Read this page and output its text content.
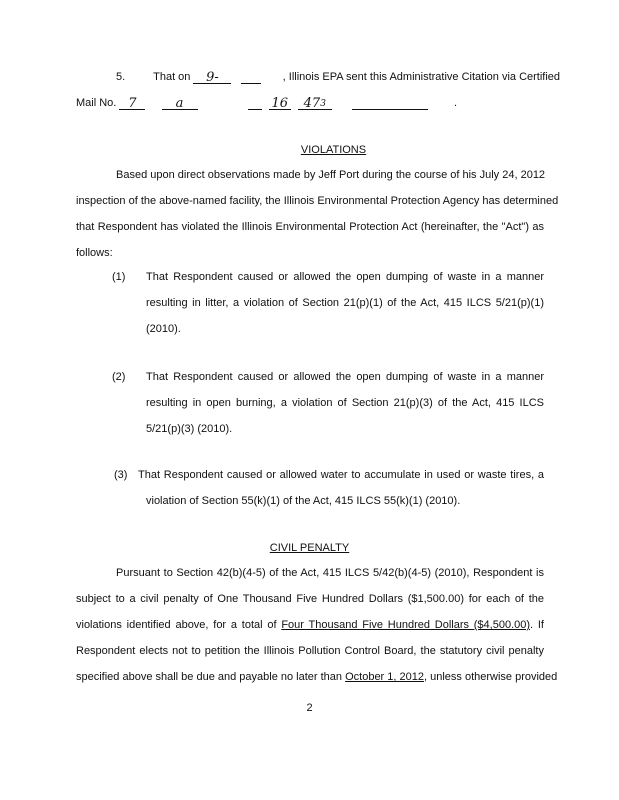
5.	That on 9-	, Illinois EPA sent this Administrative Citation via Certified
Mail No. 7	a	16 $47^3$	.
VIOLATIONS
Based upon direct observations made by Jeff Port during the course of his July 24, 2012
inspection of the above-named facility, the Illinois Environmental Protection Agency has determined
that Respondent has violated the Illinois Environmental Protection Act (hereinafter, the "Act") as
follows:
(1) That Respondent caused or allowed the open dumping of waste in a manner
resulting in litter, a violation of Section 21(p)(1) of the Act, 415 ILCS 5/21(p)(1)
(2010).
(2) That Respondent caused or allowed the open dumping of waste in a manner
resulting in open burning, a violation of Section 21(p)(3) of the Act, 415 ILCS
5/21(p)(3) (2010).
(3) That Respondent caused or allowed water to accumulate in used or waste tires, a
violation of Section 55(k)(1) of the Act, 415 ILCS 55(k)(1) (2010).
CIVIL PENALTY
Pursuant to Section 42(b)(4-5) of the Act, 415 ILCS 5/42(b)(4-5) (2010), Respondent is
subject to a civil penalty of One Thousand Five Hundred Dollars ($1,500.00) for each of the
violations identified above, for a total of Four Thousand Five Hundred Dollars ($4,500.00). If
Respondent elects not to petition the Illinois Pollution Control Board, the statutory civil penalty
specified above shall be due and payable no later than October 1, 2012, unless otherwise provided
2
